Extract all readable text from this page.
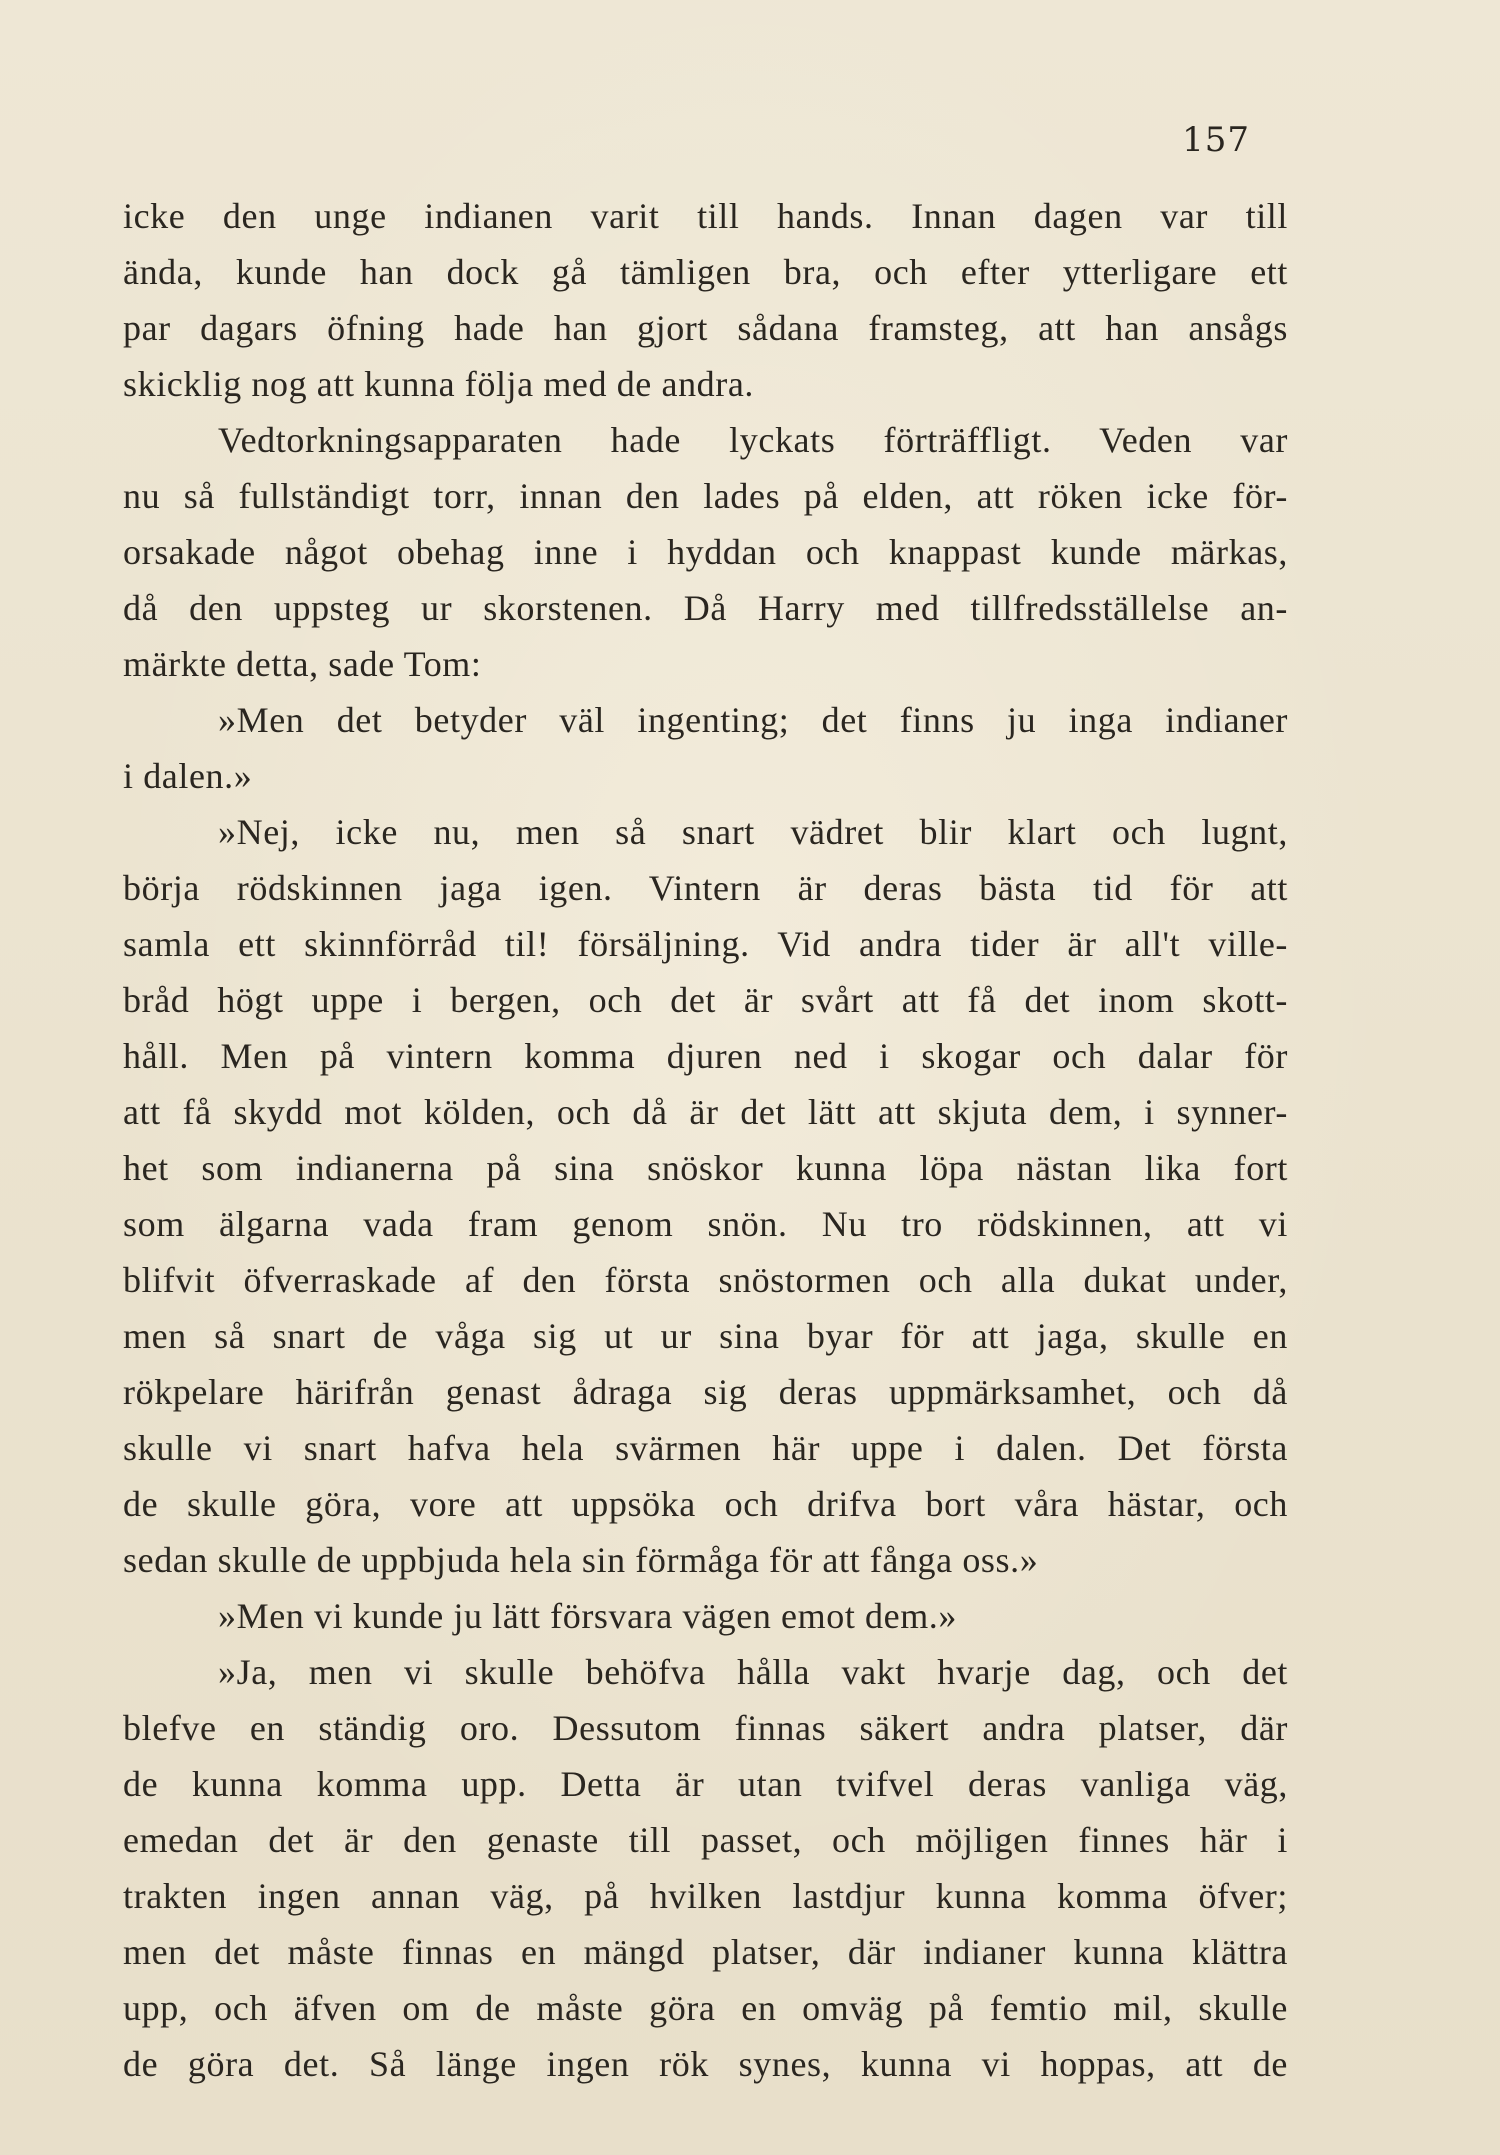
157
icke den unge indianen varit till hands. Innan dagen var till
ända, kunde han dock gå tämligen bra, och efter ytterligare ett
par dagars öfning hade han gjort sådana framsteg, att han ansågs
skicklig nog att kunna följa med de andra.
Vedtorkningsapparaten hade lyckats förträffligt. Veden var
nu så fullständigt torr, innan den lades på elden, att röken icke för-
orsakade något obehag inne i hyddan och knappast kunde märkas,
då den uppsteg ur skorstenen. Då Harry med tillfredsställelse an-
märkte detta, sade Tom:
»Men det betyder väl ingenting; det finns ju inga indianer
i dalen.»
»Nej, icke nu, men så snart vädret blir klart och lugnt,
börja rödskinnen jaga igen. Vintern är deras bästa tid för att
samla ett skinnförråd til! försäljning. Vid andra tider är all't ville-
bråd högt uppe i bergen, och det är svårt att få det inom skott-
håll. Men på vintern komma djuren ned i skogar och dalar för
att få skydd mot kölden, och då är det lätt att skjuta dem, i synner-
het som indianerna på sina snöskor kunna löpa nästan lika fort
som älgarna vada fram genom snön. Nu tro rödskinnen, att vi
blifvit öfverraskade af den första snöstormen och alla dukat under,
men så snart de våga sig ut ur sina byar för att jaga, skulle en
rökpelare härifrån genast ådraga sig deras uppmärksamhet, och då
skulle vi snart hafva hela svärmen här uppe i dalen. Det första
de skulle göra, vore att uppsöka och drifva bort våra hästar, och
sedan skulle de uppbjuda hela sin förmåga för att fånga oss.»
»Men vi kunde ju lätt försvara vägen emot dem.»
»Ja, men vi skulle behöfva hålla vakt hvarje dag, och det
blefve en ständig oro. Dessutom finnas säkert andra platser, där
de kunna komma upp. Detta är utan tvifvel deras vanliga väg,
emedan det är den genaste till passet, och möjligen finnes här i
trakten ingen annan väg, på hvilken lastdjur kunna komma öfver;
men det måste finnas en mängd platser, där indianer kunna klättra
upp, och äfven om de måste göra en omväg på femtio mil, skulle
de göra det. Så länge ingen rök synes, kunna vi hoppas, att de
